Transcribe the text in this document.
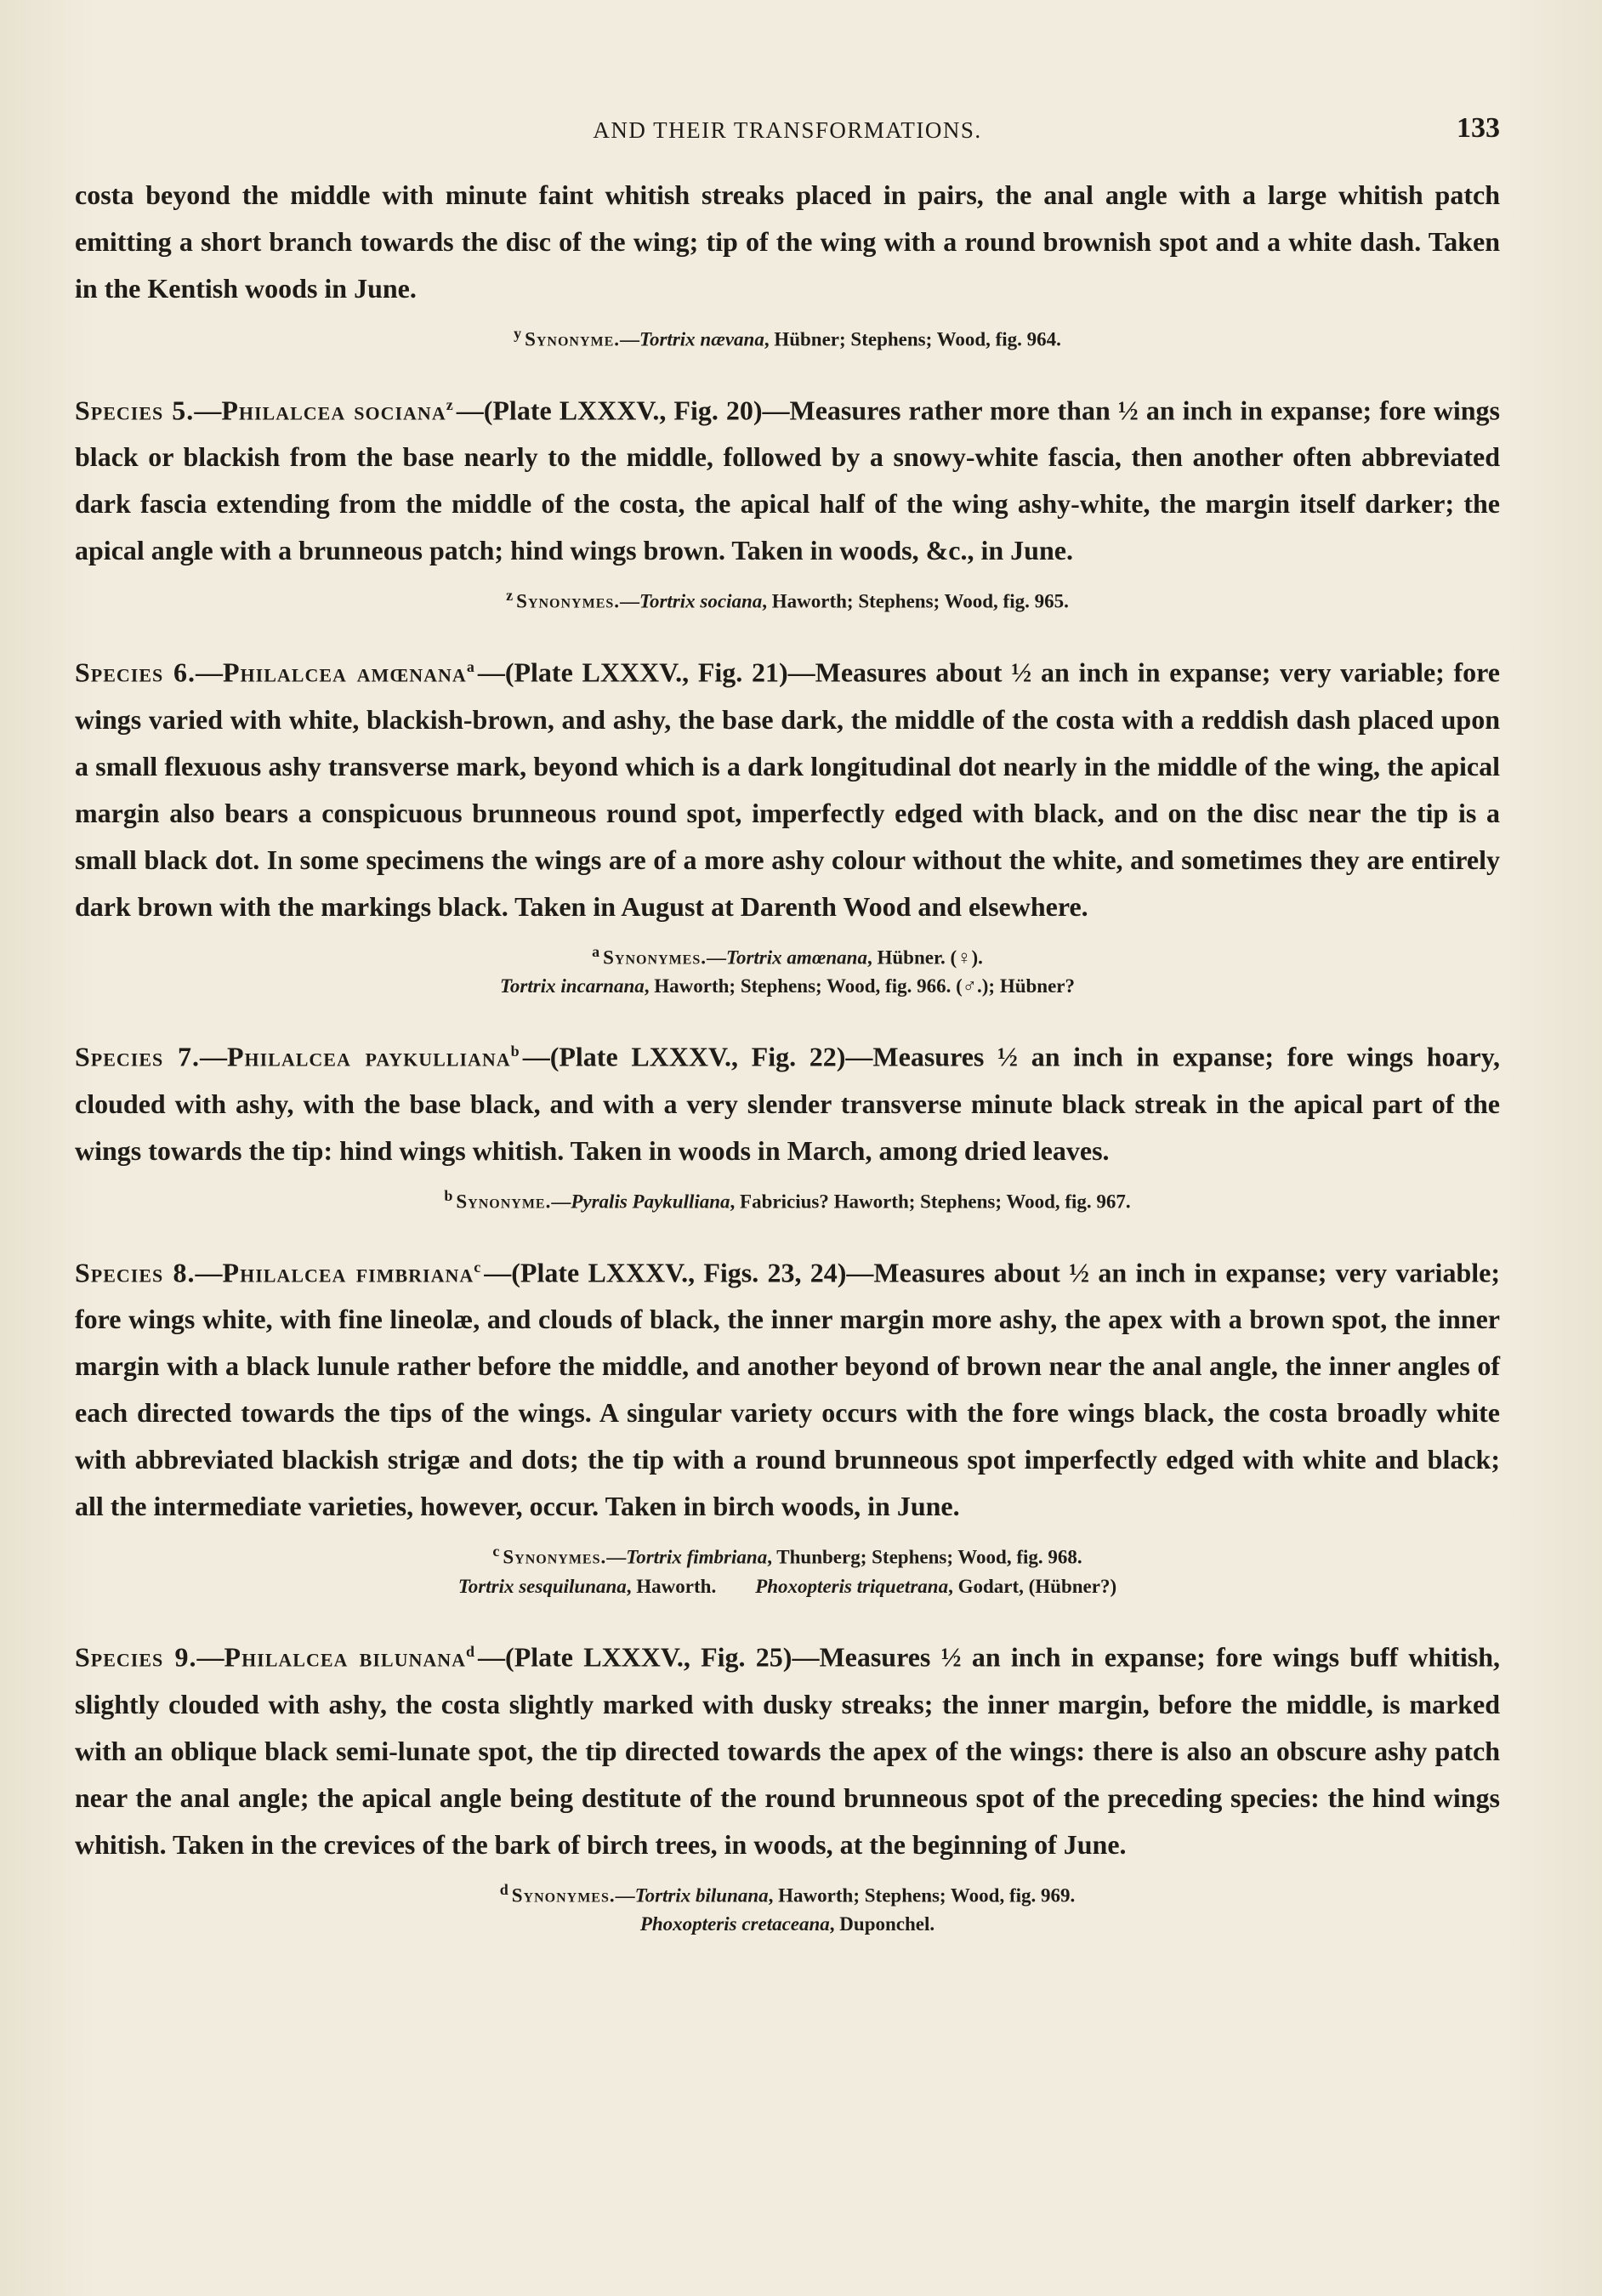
AND THEIR TRANSFORMATIONS.	133

costa beyond the middle with minute faint whitish streaks placed in pairs, the anal angle with a large whitish patch emitting a short branch towards the disc of the wing; tip of the wing with a round brownish spot and a white dash. Taken in the Kentish woods in June.

$^y$ Synonyme.—Tortrix nævana, Hübner; Stephens; Wood, fig. 964.

Species 5.—Philalcea sociana$^z$ —(Plate LXXXV., Fig. 20)—Measures rather more than ½ an inch in expanse; fore wings black or blackish from the base nearly to the middle, followed by a snowy-white fascia, then another often abbreviated dark fascia extending from the middle of the costa, the apical half of the wing ashy-white, the margin itself darker; the apical angle with a brunneous patch; hind wings brown. Taken in woods, &c., in June.

$^z$ Synonymes.—Tortrix sociana, Haworth; Stephens; Wood, fig. 965.

Species 6.—Philalcea amœnana$^a$ —(Plate LXXXV., Fig. 21)—Measures about ½ an inch in expanse; very variable; fore wings varied with white, blackish-brown, and ashy, the base dark, the middle of the costa with a reddish dash placed upon a small flexuous ashy transverse mark, beyond which is a dark longitudinal dot nearly in the middle of the wing, the apical margin also bears a conspicuous brunneous round spot, imperfectly edged with black, and on the disc near the tip is a small black dot. In some specimens the wings are of a more ashy colour without the white, and sometimes they are entirely dark brown with the markings black. Taken in August at Darenth Wood and elsewhere.

$^a$ Synonymes.—Tortrix amœnana, Hübner. (♀).
Tortrix incarnana, Haworth; Stephens; Wood, fig. 966. (♂.); Hübner?

Species 7.—Philalcea paykulliana$^b$ —(Plate LXXXV., Fig. 22)—Measures ½ an inch in expanse; fore wings hoary, clouded with ashy, with the base black, and with a very slender transverse minute black streak in the apical part of the wings towards the tip: hind wings whitish. Taken in woods in March, among dried leaves.

$^b$ Synonyme.—Pyralis Paykulliana, Fabricius? Haworth; Stephens; Wood, fig. 967.

Species 8.—Philalcea fimbriana$^c$ —(Plate LXXXV., Figs. 23, 24)—Measures about ½ an inch in expanse; very variable; fore wings white, with fine lineolæ, and clouds of black, the inner margin more ashy, the apex with a brown spot, the inner margin with a black lunule rather before the middle, and another beyond of brown near the anal angle, the inner angles of each directed towards the tips of the wings. A singular variety occurs with the fore wings black, the costa broadly white with abbreviated blackish strigæ and dots; the tip with a round brunneous spot imperfectly edged with white and black; all the intermediate varieties, however, occur. Taken in birch woods, in June.

$^c$ Synonymes.—Tortrix fimbriana, Thunberg; Stephens; Wood, fig. 968.
Tortrix sesquilunana, Haworth.        Phoxopteris triquetrana, Godart, (Hübner?)

Species 9.—Philalcea bilunana$^d$ —(Plate LXXXV., Fig. 25)—Measures ½ an inch in expanse; fore wings buff whitish, slightly clouded with ashy, the costa slightly marked with dusky streaks; the inner margin, before the middle, is marked with an oblique black semi-lunate spot, the tip directed towards the apex of the wings: there is also an obscure ashy patch near the anal angle; the apical angle being destitute of the round brunneous spot of the preceding species: the hind wings whitish. Taken in the crevices of the bark of birch trees, in woods, at the beginning of June.

$^d$ Synonymes.—Tortrix bilunana, Haworth; Stephens; Wood, fig. 969.
Phoxopteris cretaceana, Duponchel.
